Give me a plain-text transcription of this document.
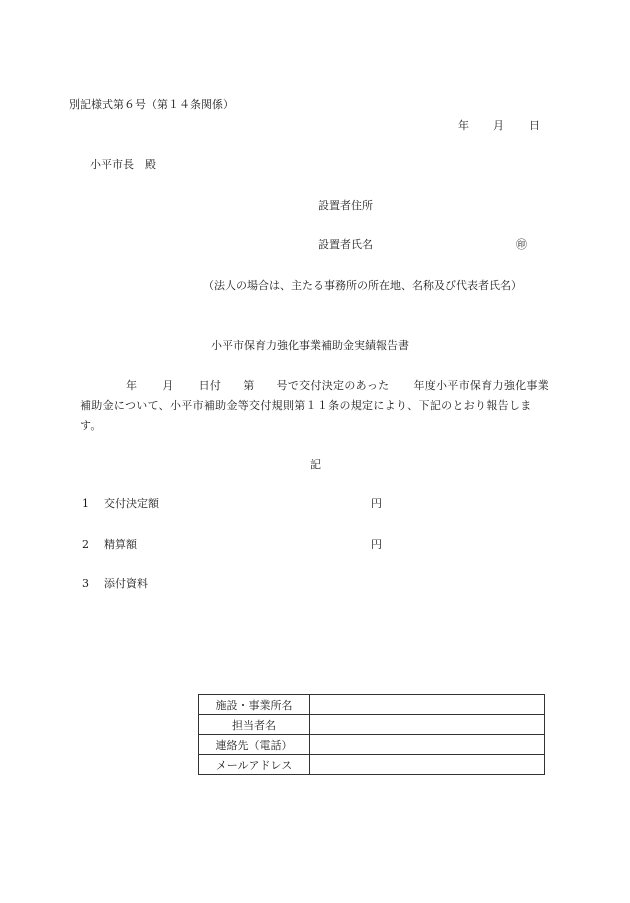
別記様式第６号（第１４条関係）
年 月 日
小平市長　殿
設置者住所
設置者氏名	㊞
（法人の場合は、主たる事務所の所在地、名称及び代表者氏名）
小平市保育力強化事業補助金実績報告書
年 月 日付 第 号で交付決定のあった 年度小平市保育力強化事業補助金について、小平市補助金等交付規則第１１条の規定により、下記のとおり報告します。
記
1 交付決定額	円
2 精算額	円
3 添付資料
施設・事業所名	
担当者名	
連絡先（電話）	
メールアドレス	
